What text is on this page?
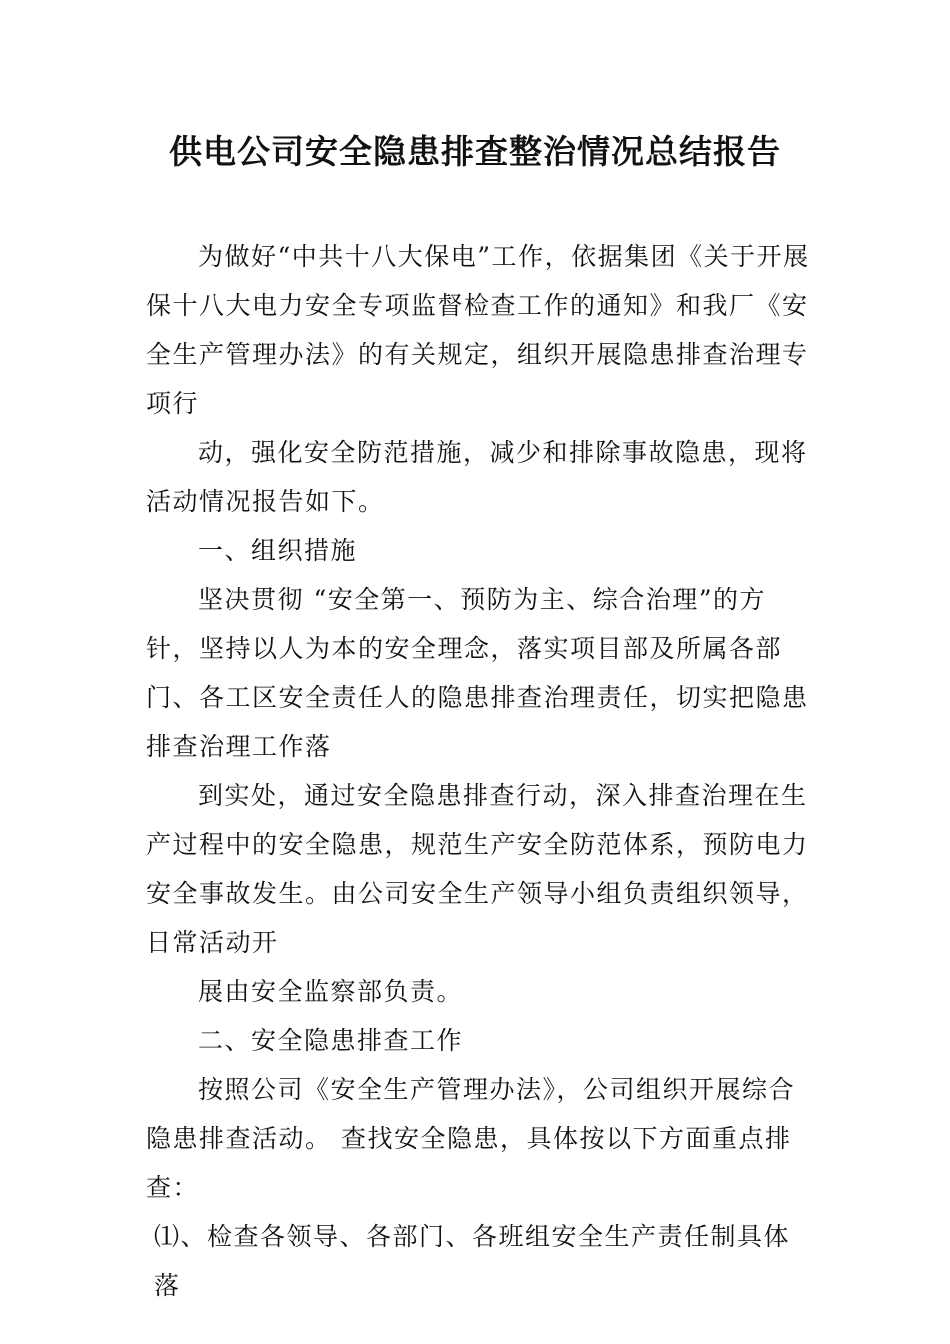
供电公司安全隐患排查整治情况总结报告

为做好“中共十八大保电”工作，依据集团《关于开展保十八大电力安全专项监督检查工作的通知》和我厂《安全生产管理办法》的有关规定，组织开展隐患排查治理专项行

动，强化安全防范措施，减少和排除事故隐患，现将活动情况报告如下。

一、组织措施

坚决贯彻 “安全第一、预防为主、综合治理”的方针，坚持以人为本的安全理念，落实项目部及所属各部门、各工区安全责任人的隐患排查治理责任，切实把隐患排查治理工作落

到实处，通过安全隐患排查行动，深入排查治理在生产过程中的安全隐患，规范生产安全防范体系，预防电力安全事故发生。由公司安全生产领导小组负责组织领导，日常活动开

展由安全监察部负责。

二、安全隐患排查工作

按照公司《安全生产管理办法》，公司组织开展综合隐患排查活动。 查找安全隐患，具体按以下方面重点排查：

⑴、检查各领导、各部门、各班组安全生产责任制具体落
